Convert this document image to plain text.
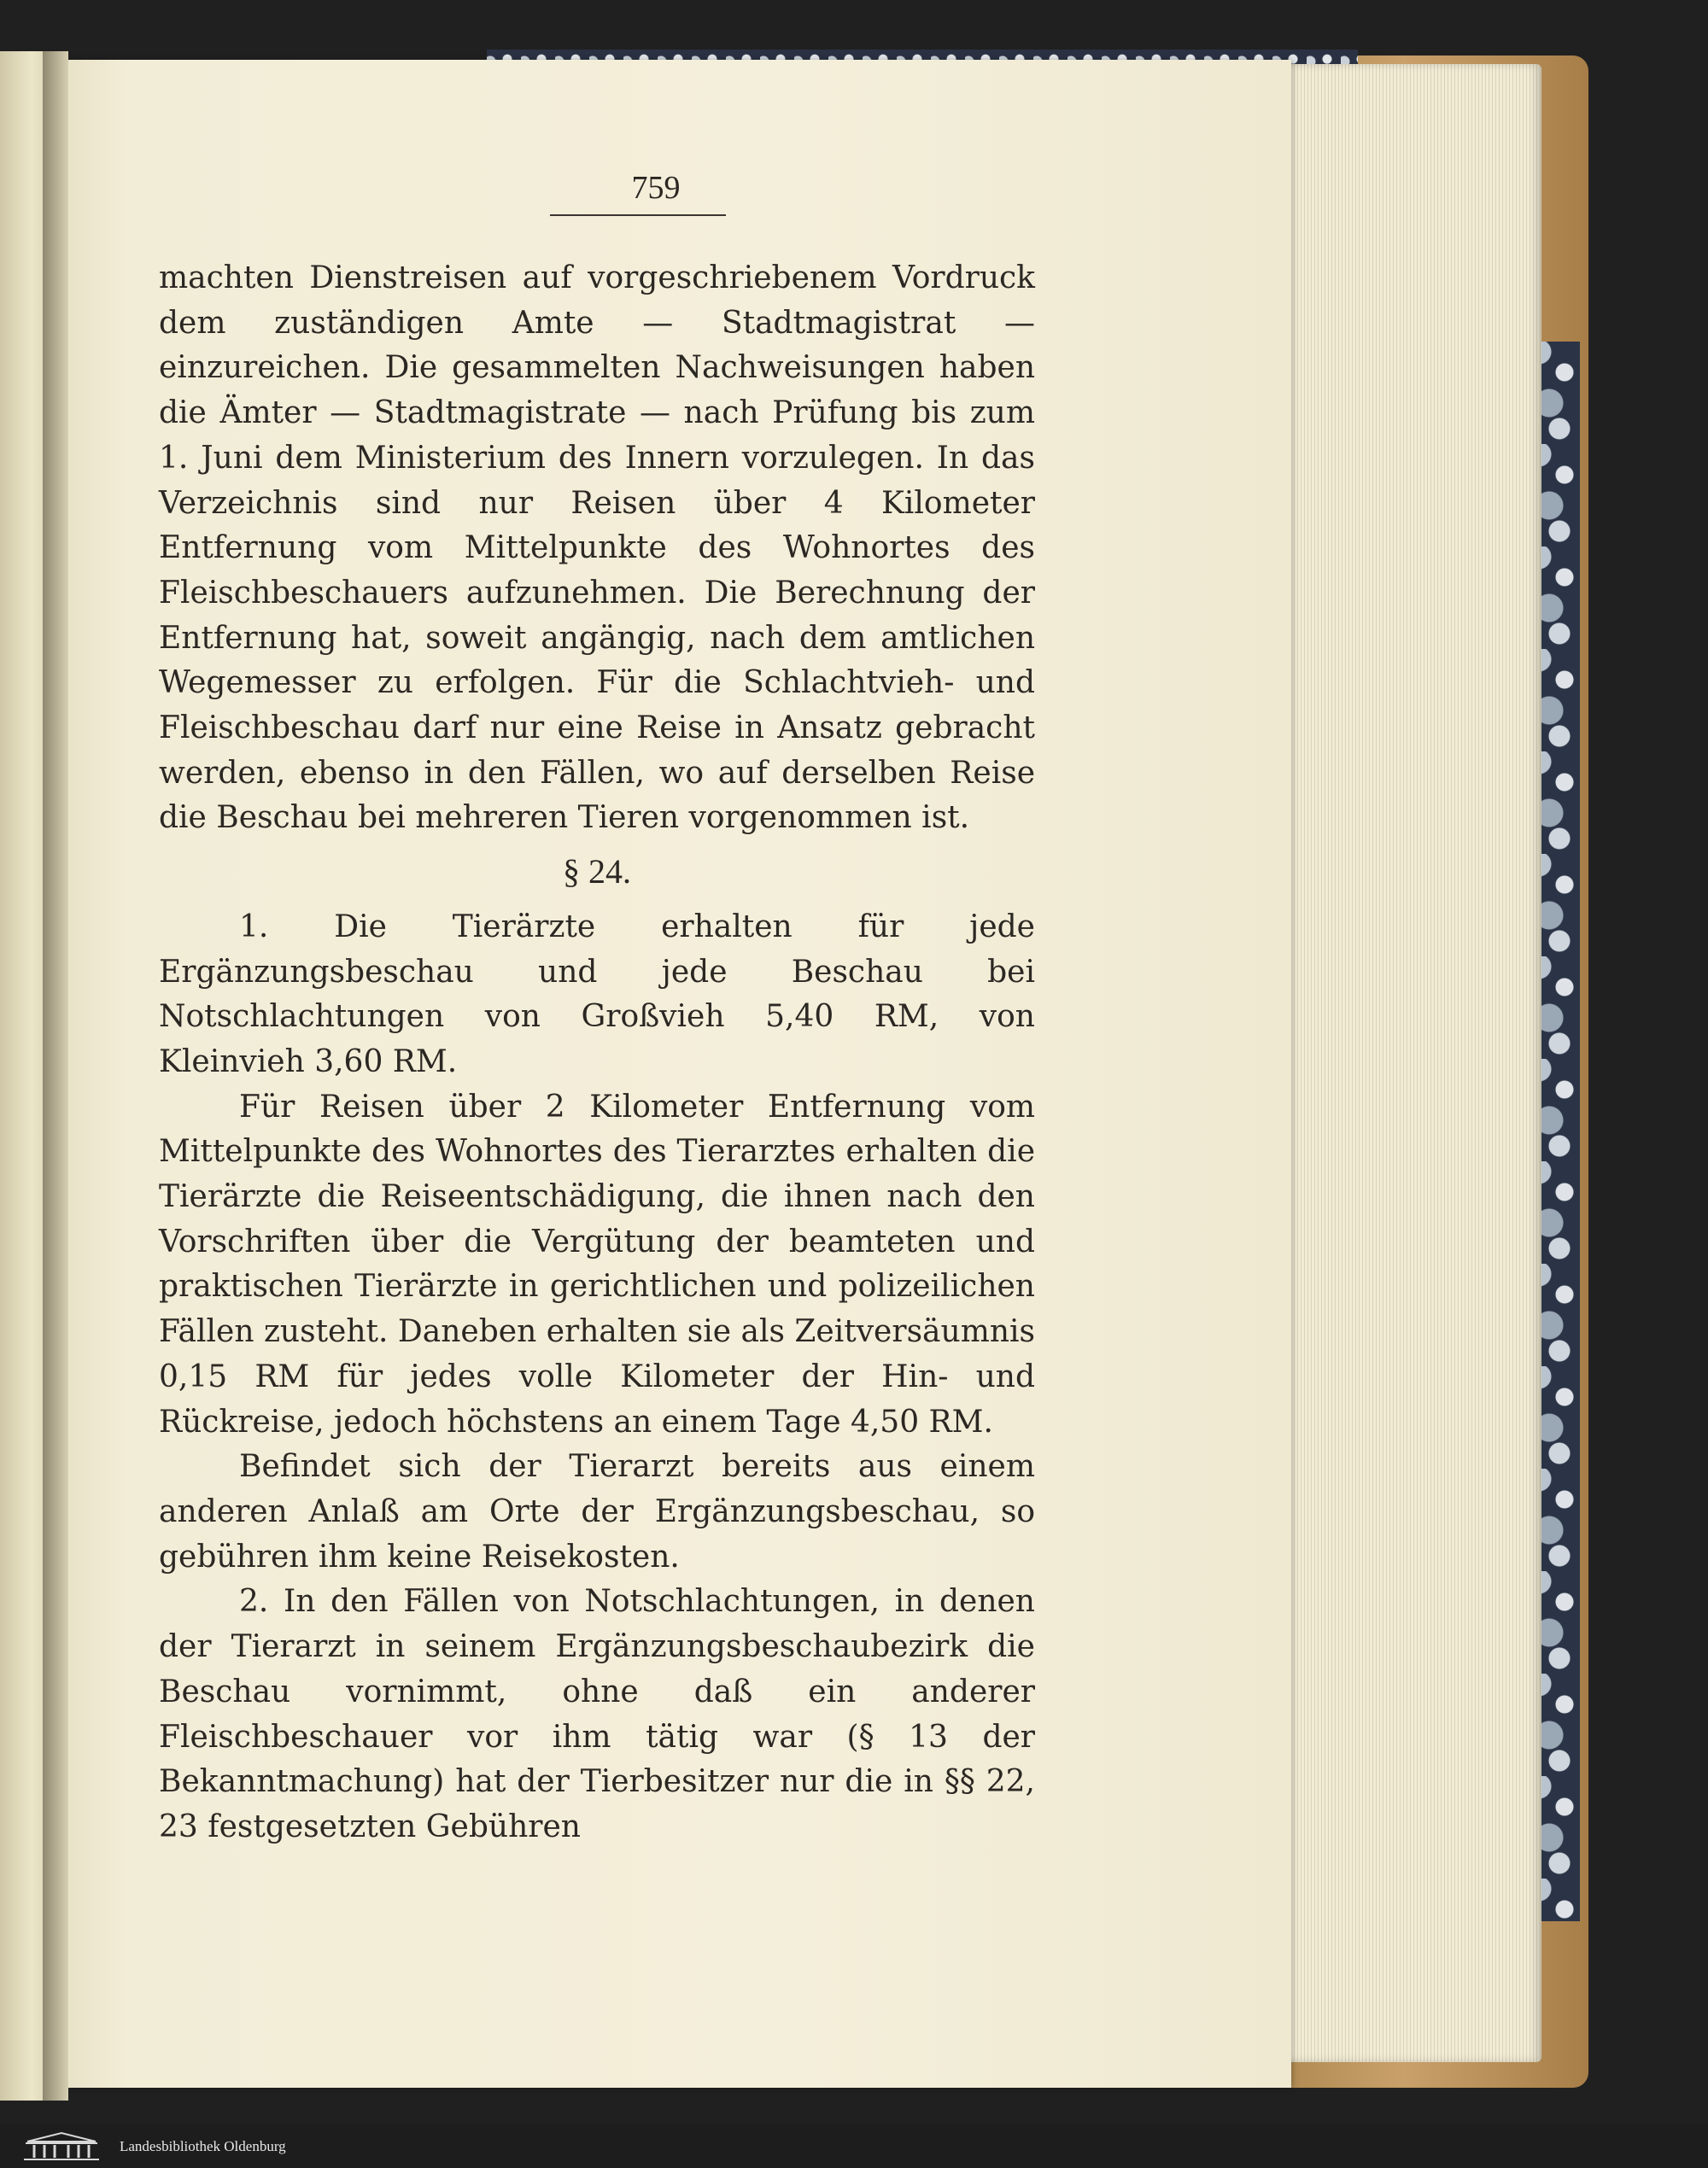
759

machten Dienstreisen auf vorgeschriebenem Vordruck dem zuständigen Amte — Stadtmagistrat — einzureichen. Die gesammelten Nachweisungen haben die Ämter — Stadtmagistrate — nach Prüfung bis zum 1. Juni dem Ministerium des Innern vorzulegen. In das Verzeichnis sind nur Reisen über 4 Kilometer Entfernung vom Mittelpunkte des Wohnortes des Fleischbeschauers aufzunehmen. Die Berechnung der Entfernung hat, soweit angängig, nach dem amtlichen Wegemesser zu erfolgen. Für die Schlachtvieh- und Fleischbeschau darf nur eine Reise in Ansatz gebracht werden, ebenso in den Fällen, wo auf derselben Reise die Beschau bei mehreren Tieren vorgenommen ist.

§ 24.

1. Die Tierärzte erhalten für jede Ergänzungsbeschau und jede Beschau bei Notschlachtungen von Großvieh 5,40 RM, von Kleinvieh 3,60 RM.

Für Reisen über 2 Kilometer Entfernung vom Mittelpunkte des Wohnortes des Tierarztes erhalten die Tierärzte die Reiseentschädigung, die ihnen nach den Vorschriften über die Vergütung der beamteten und praktischen Tierärzte in gerichtlichen und polizeilichen Fällen zusteht. Daneben erhalten sie als Zeitversäumnis 0,15 RM für jedes volle Kilometer der Hin- und Rückreise, jedoch höchstens an einem Tage 4,50 RM.

Befindet sich der Tierarzt bereits aus einem anderen Anlaß am Orte der Ergänzungsbeschau, so gebühren ihm keine Reisekosten.

2. In den Fällen von Notschlachtungen, in denen der Tierarzt in seinem Ergänzungsbeschaubezirk die Beschau vornimmt, ohne daß ein anderer Fleischbeschauer vor ihm tätig war (§ 13 der Bekanntmachung) hat der Tierbesitzer nur die in §§ 22, 23 festgesetzten Gebühren

Landesbibliothek Oldenburg
